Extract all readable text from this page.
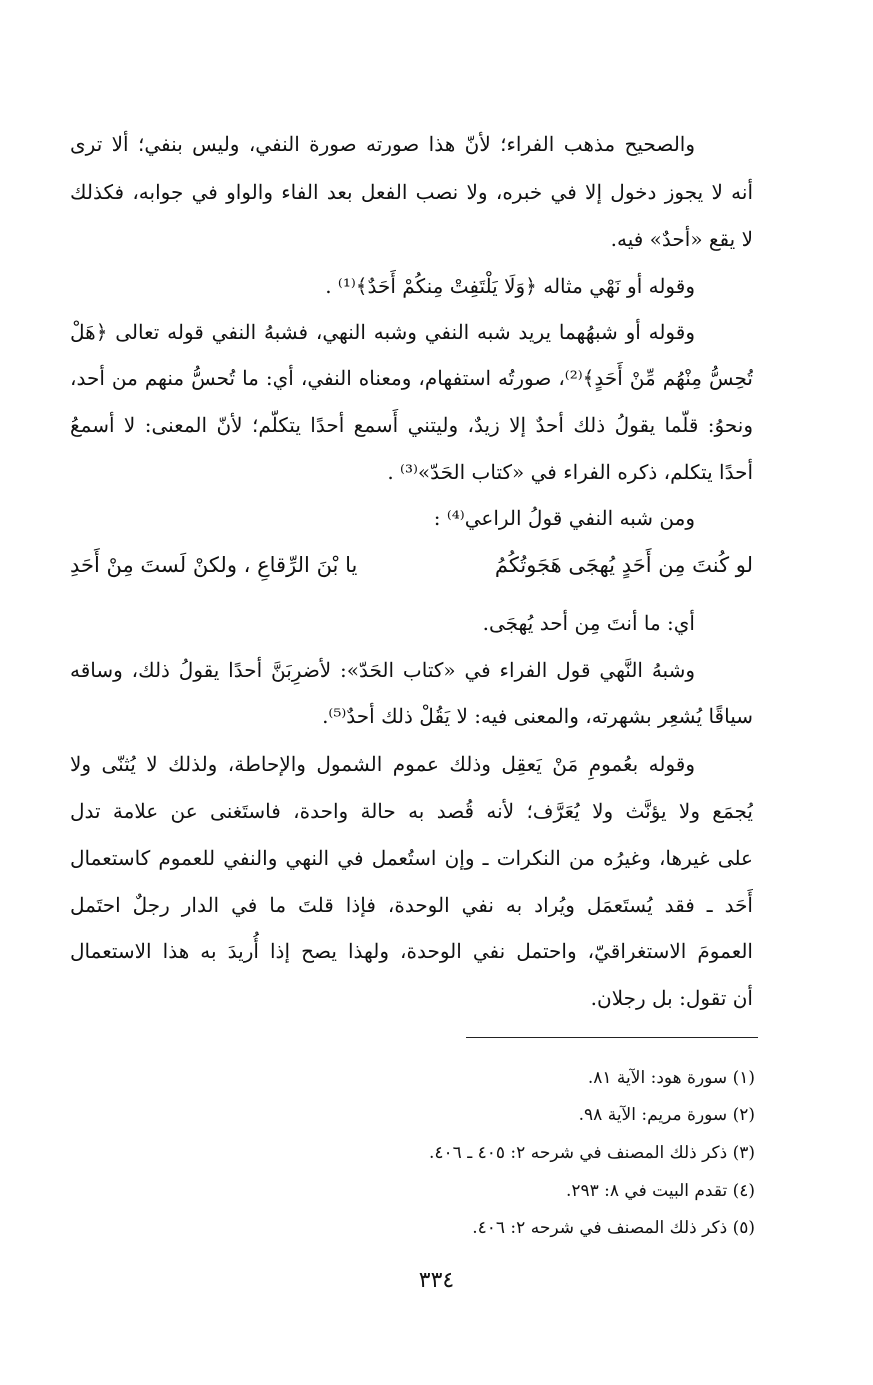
والصحيح مذهب الفراء؛ لأنّ هذا صورته صورة النفي، وليس بنفي؛ ألا ترى
أنه لا يجوز دخول إلا في خبره، ولا نصب الفعل بعد الفاء والواو في جوابه، فكذلك
لا يقع «أحدٌ» فيه.
وقوله أو نَهْي مثاله ﴿وَلَا يَلْتَفِتْ مِنكُمْ أَحَدٌ﴾⁽¹⁾ .
وقوله أو شبهُهما يريد شبه النفي وشبه النهي، فشبهُ النفي قوله تعالى ﴿هَلْ
تُحِسُّ مِنْهُم مِّنْ أَحَدٍ﴾⁽²⁾، صورتُه استفهام، ومعناه النفي، أي: ما تُحسُّ منهم من أحد،
ونحوُ: قلّما يقولُ ذلك أحدٌ إلا زيدٌ، وليتني أَسمع أحدًا يتكلّم؛ لأنّ المعنى: لا أسمعُ
أحدًا يتكلم، ذكره الفراء في «كتاب الحَدّ»⁽³⁾ .
ومن شبه النفي قولُ الراعي⁽⁴⁾ :
لو كُنتَ مِن أَحَدٍ يُهجَى هَجَوتُكُمُ
يا بْنَ الرِّقاعِ ، ولكنْ لَستَ مِنْ أَحَدِ
أي: ما أنتَ مِن أحد يُهجَى.
وشبهُ النَّهي قول الفراء في «كتاب الحَدّ»: لأضرِبَنَّ أحدًا يقولُ ذلك، وساقه
سياقًا يُشعِر بشهرته، والمعنى فيه: لا يَقُلْ ذلك أحدٌ⁽⁵⁾.
وقوله بعُمومِ مَنْ يَعقِل وذلك عموم الشمول والإحاطة، ولذلك لا يُثنّى ولا
يُجمَع ولا يؤنَّث ولا يُعَرَّف؛ لأنه قُصد به حالة واحدة، فاستَغنى عن علامة تدل
على غيرها، وغيرُه من النكرات ـ وإن استُعمل في النهي والنفي للعموم كاستعمال
أَحَد ـ فقد يُستَعمَل ويُراد به نفي الوحدة، فإذا قلتَ ما في الدار رجلٌ احتَمل
العمومَ الاستغراقيّ، واحتمل نفي الوحدة، ولهذا يصح إذا أُريدَ به هذا الاستعمال
أن تقول: بل رجلان.
(١) سورة هود: الآية ٨١.
(٢) سورة مريم: الآية ٩٨.
(٣) ذكر ذلك المصنف في شرحه ٢: ٤٠٥ ـ ٤٠٦.
(٤) تقدم البيت في ٨: ٢٩٣.
(٥) ذكر ذلك المصنف في شرحه ٢: ٤٠٦.
٣٣٤
